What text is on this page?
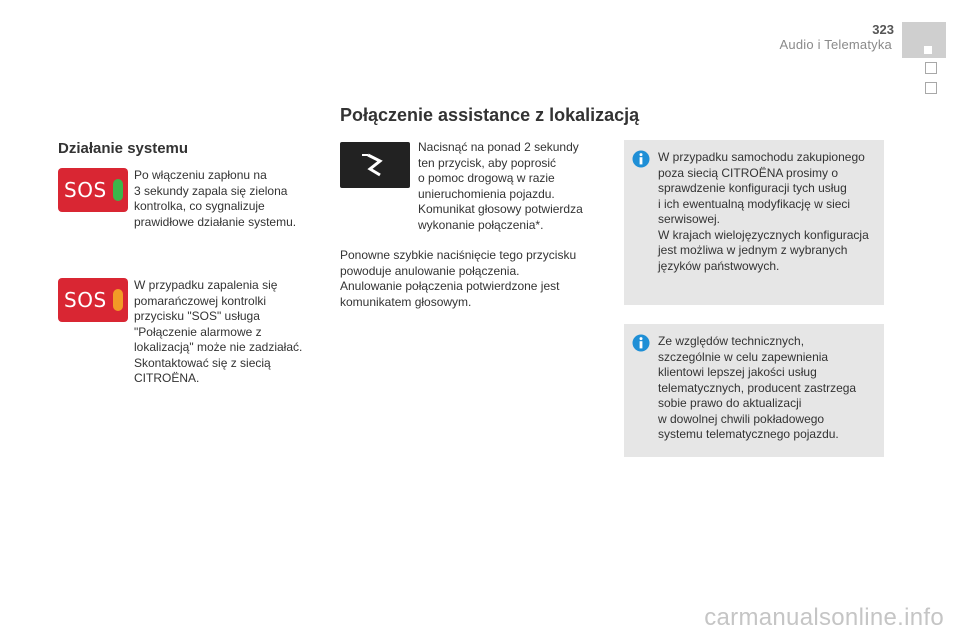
323
Audio i Telematyka
Połączenie assistance z lokalizacją
Działanie systemu
SOS
Po włączeniu zapłonu na
3 sekundy zapala się zielona
kontrolka, co sygnalizuje
prawidłowe działanie systemu.
SOS
W przypadku zapalenia się
pomarańczowej kontrolki
przycisku "SOS" usługa
"Połączenie alarmowe z
lokalizacją" może nie zadziałać.
Skontaktować się z siecią
CITROËNA.
Nacisnąć na ponad 2 sekundy
ten przycisk, aby poprosić
o pomoc drogową w razie
unieruchomienia pojazdu.
Komunikat głosowy potwierdza
wykonanie połączenia*.
Ponowne szybkie naciśnięcie tego przycisku
powoduje anulowanie połączenia.
Anulowanie połączenia potwierdzone jest
komunikatem głosowym.
W przypadku samochodu zakupionego
poza siecią CITROËNA prosimy o
sprawdzenie konfiguracji tych usług
i ich ewentualną modyfikację w sieci
serwisowej.
W krajach wielojęzycznych konfiguracja
jest możliwa w jednym z wybranych
języków państwowych.
Ze względów technicznych,
szczególnie w celu zapewnienia
klientowi lepszej jakości usług
telematycznych, producent zastrzega
sobie prawo do aktualizacji
w dowolnej chwili pokładowego
systemu telematycznego pojazdu.
carmanualsonline.info
